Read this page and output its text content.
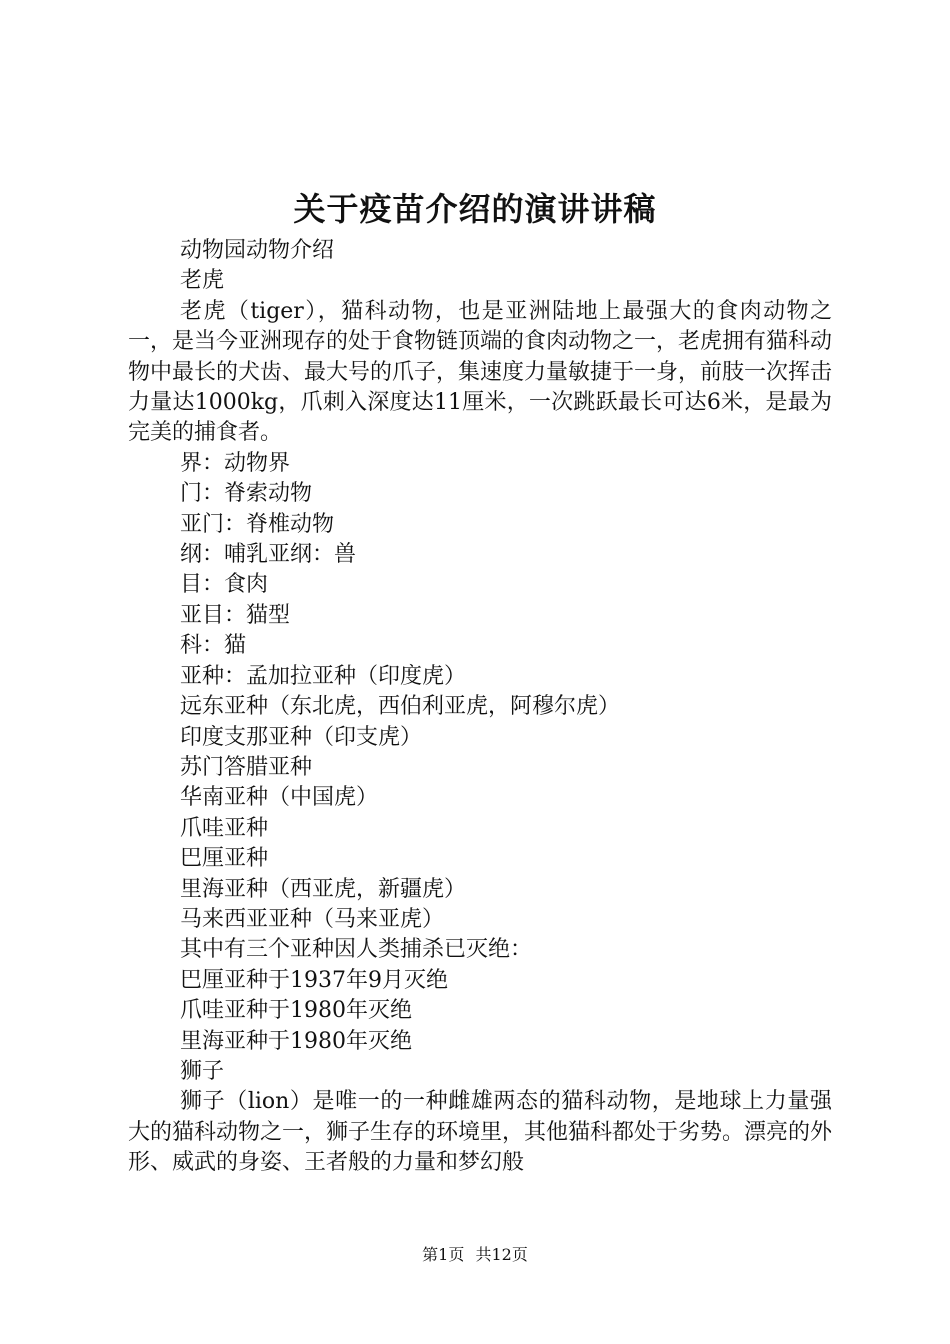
关于疫苗介绍的演讲讲稿

动物园动物介绍

老虎

老虎（tiger），猫科动物，也是亚洲陆地上最强大的食肉动物之一，是当今亚洲现存的处于食物链顶端的食肉动物之一，老虎拥有猫科动物中最长的犬齿、最大号的爪子，集速度力量敏捷于一身，前肢一次挥击力量达1000kg，爪刺入深度达11厘米，一次跳跃最长可达6米，是最为完美的捕食者。

界：动物界

门：脊索动物

亚门：脊椎动物

纲：哺乳亚纲：兽

目：食肉

亚目：猫型

科：猫

亚种：孟加拉亚种（印度虎）

远东亚种（东北虎，西伯利亚虎，阿穆尔虎）

印度支那亚种（印支虎）

苏门答腊亚种

华南亚种（中国虎）

爪哇亚种

巴厘亚种

里海亚种（西亚虎，新疆虎）

马来西亚亚种（马来亚虎）

其中有三个亚种因人类捕杀已灭绝：

巴厘亚种于1937年9月灭绝

爪哇亚种于1980年灭绝

里海亚种于1980年灭绝

狮子

狮子（lion）是唯一的一种雌雄两态的猫科动物，是地球上力量强大的猫科动物之一，狮子生存的环境里，其他猫科都处于劣势。漂亮的外形、威武的身姿、王者般的力量和梦幻般

第1页 共12页
